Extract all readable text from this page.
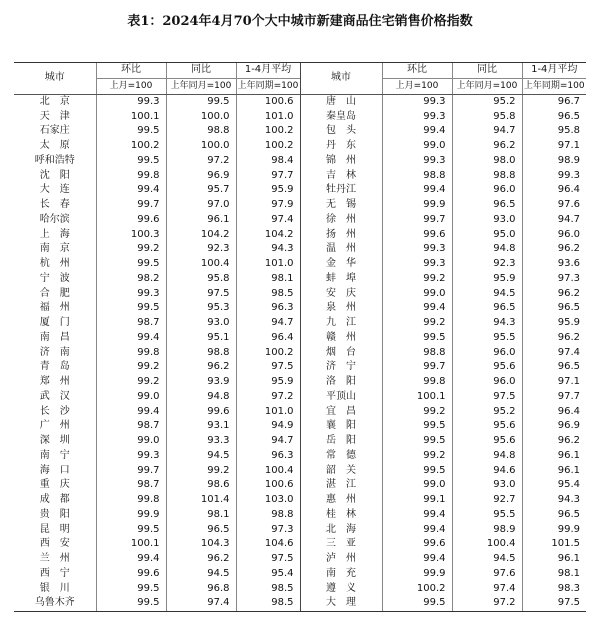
表1：2024年4月70个大中城市新建商品住宅销售价格指数
城市	环比	同比	1-4月平均	城市	环比	同比	1-4月平均
	上月=100	上年同月=100	上年同期=100		上月=100	上年同月=100	上年同期=100
北　京	99.3	99.5	100.6	唐　山	99.3	95.2	96.7
天　津	100.1	100.0	101.0	秦皇岛	99.3	95.8	96.5
石家庄	99.5	98.8	100.2	包　头	99.4	94.7	95.8
太　原	100.2	100.0	100.2	丹　东	99.0	96.2	97.1
呼和浩特	99.5	97.2	98.4	锦　州	99.3	98.0	98.9
沈　阳	99.8	96.9	97.7	吉　林	98.8	98.8	99.3
大　连	99.4	95.7	95.9	牡丹江	99.4	96.0	96.4
长　春	99.7	97.0	97.9	无　锡	99.9	96.5	97.6
哈尔滨	99.6	96.1	97.4	徐　州	99.7	93.0	94.7
上　海	100.3	104.2	104.2	扬　州	99.6	95.0	96.0
南　京	99.2	92.3	94.3	温　州	99.3	94.8	96.2
杭　州	99.5	100.4	101.0	金　华	99.3	92.3	93.6
宁　波	98.2	95.8	98.1	蚌　埠	99.2	95.9	97.3
合　肥	99.3	97.5	98.5	安　庆	99.0	94.5	96.2
福　州	99.5	95.3	96.3	泉　州	99.4	96.5	96.5
厦　门	98.7	93.0	94.7	九　江	99.2	94.3	95.9
南　昌	99.4	95.1	96.4	赣　州	99.5	95.5	96.2
济　南	99.8	98.8	100.2	烟　台	98.8	96.0	97.4
青　岛	99.2	96.2	97.5	济　宁	99.7	95.6	96.5
郑　州	99.2	93.9	95.9	洛　阳	99.8	96.0	97.1
武　汉	99.0	94.8	97.2	平顶山	100.1	97.5	97.7
长　沙	99.4	99.6	101.0	宜　昌	99.2	95.2	96.4
广　州	98.7	93.1	94.9	襄　阳	99.5	95.6	96.9
深　圳	99.0	93.3	94.7	岳　阳	99.5	95.6	96.2
南　宁	99.3	94.5	96.3	常　德	99.2	94.8	96.1
海　口	99.7	99.2	100.4	韶　关	99.5	94.6	96.1
重　庆	98.7	98.6	100.6	湛　江	99.0	93.0	95.4
成　都	99.8	101.4	103.0	惠　州	99.1	92.7	94.3
贵　阳	99.9	98.1	98.8	桂　林	99.4	95.5	96.5
昆　明	99.5	96.5	97.3	北　海	99.4	98.9	99.9
西　安	100.1	104.3	104.6	三　亚	99.6	100.4	101.5
兰　州	99.4	96.2	97.5	泸　州	99.4	94.5	96.1
西　宁	99.6	94.5	95.4	南　充	99.9	97.6	98.1
银　川	99.5	96.8	98.5	遵　义	100.2	97.4	98.3
乌鲁木齐	99.5	97.4	98.5	大　理	99.5	97.2	97.5
